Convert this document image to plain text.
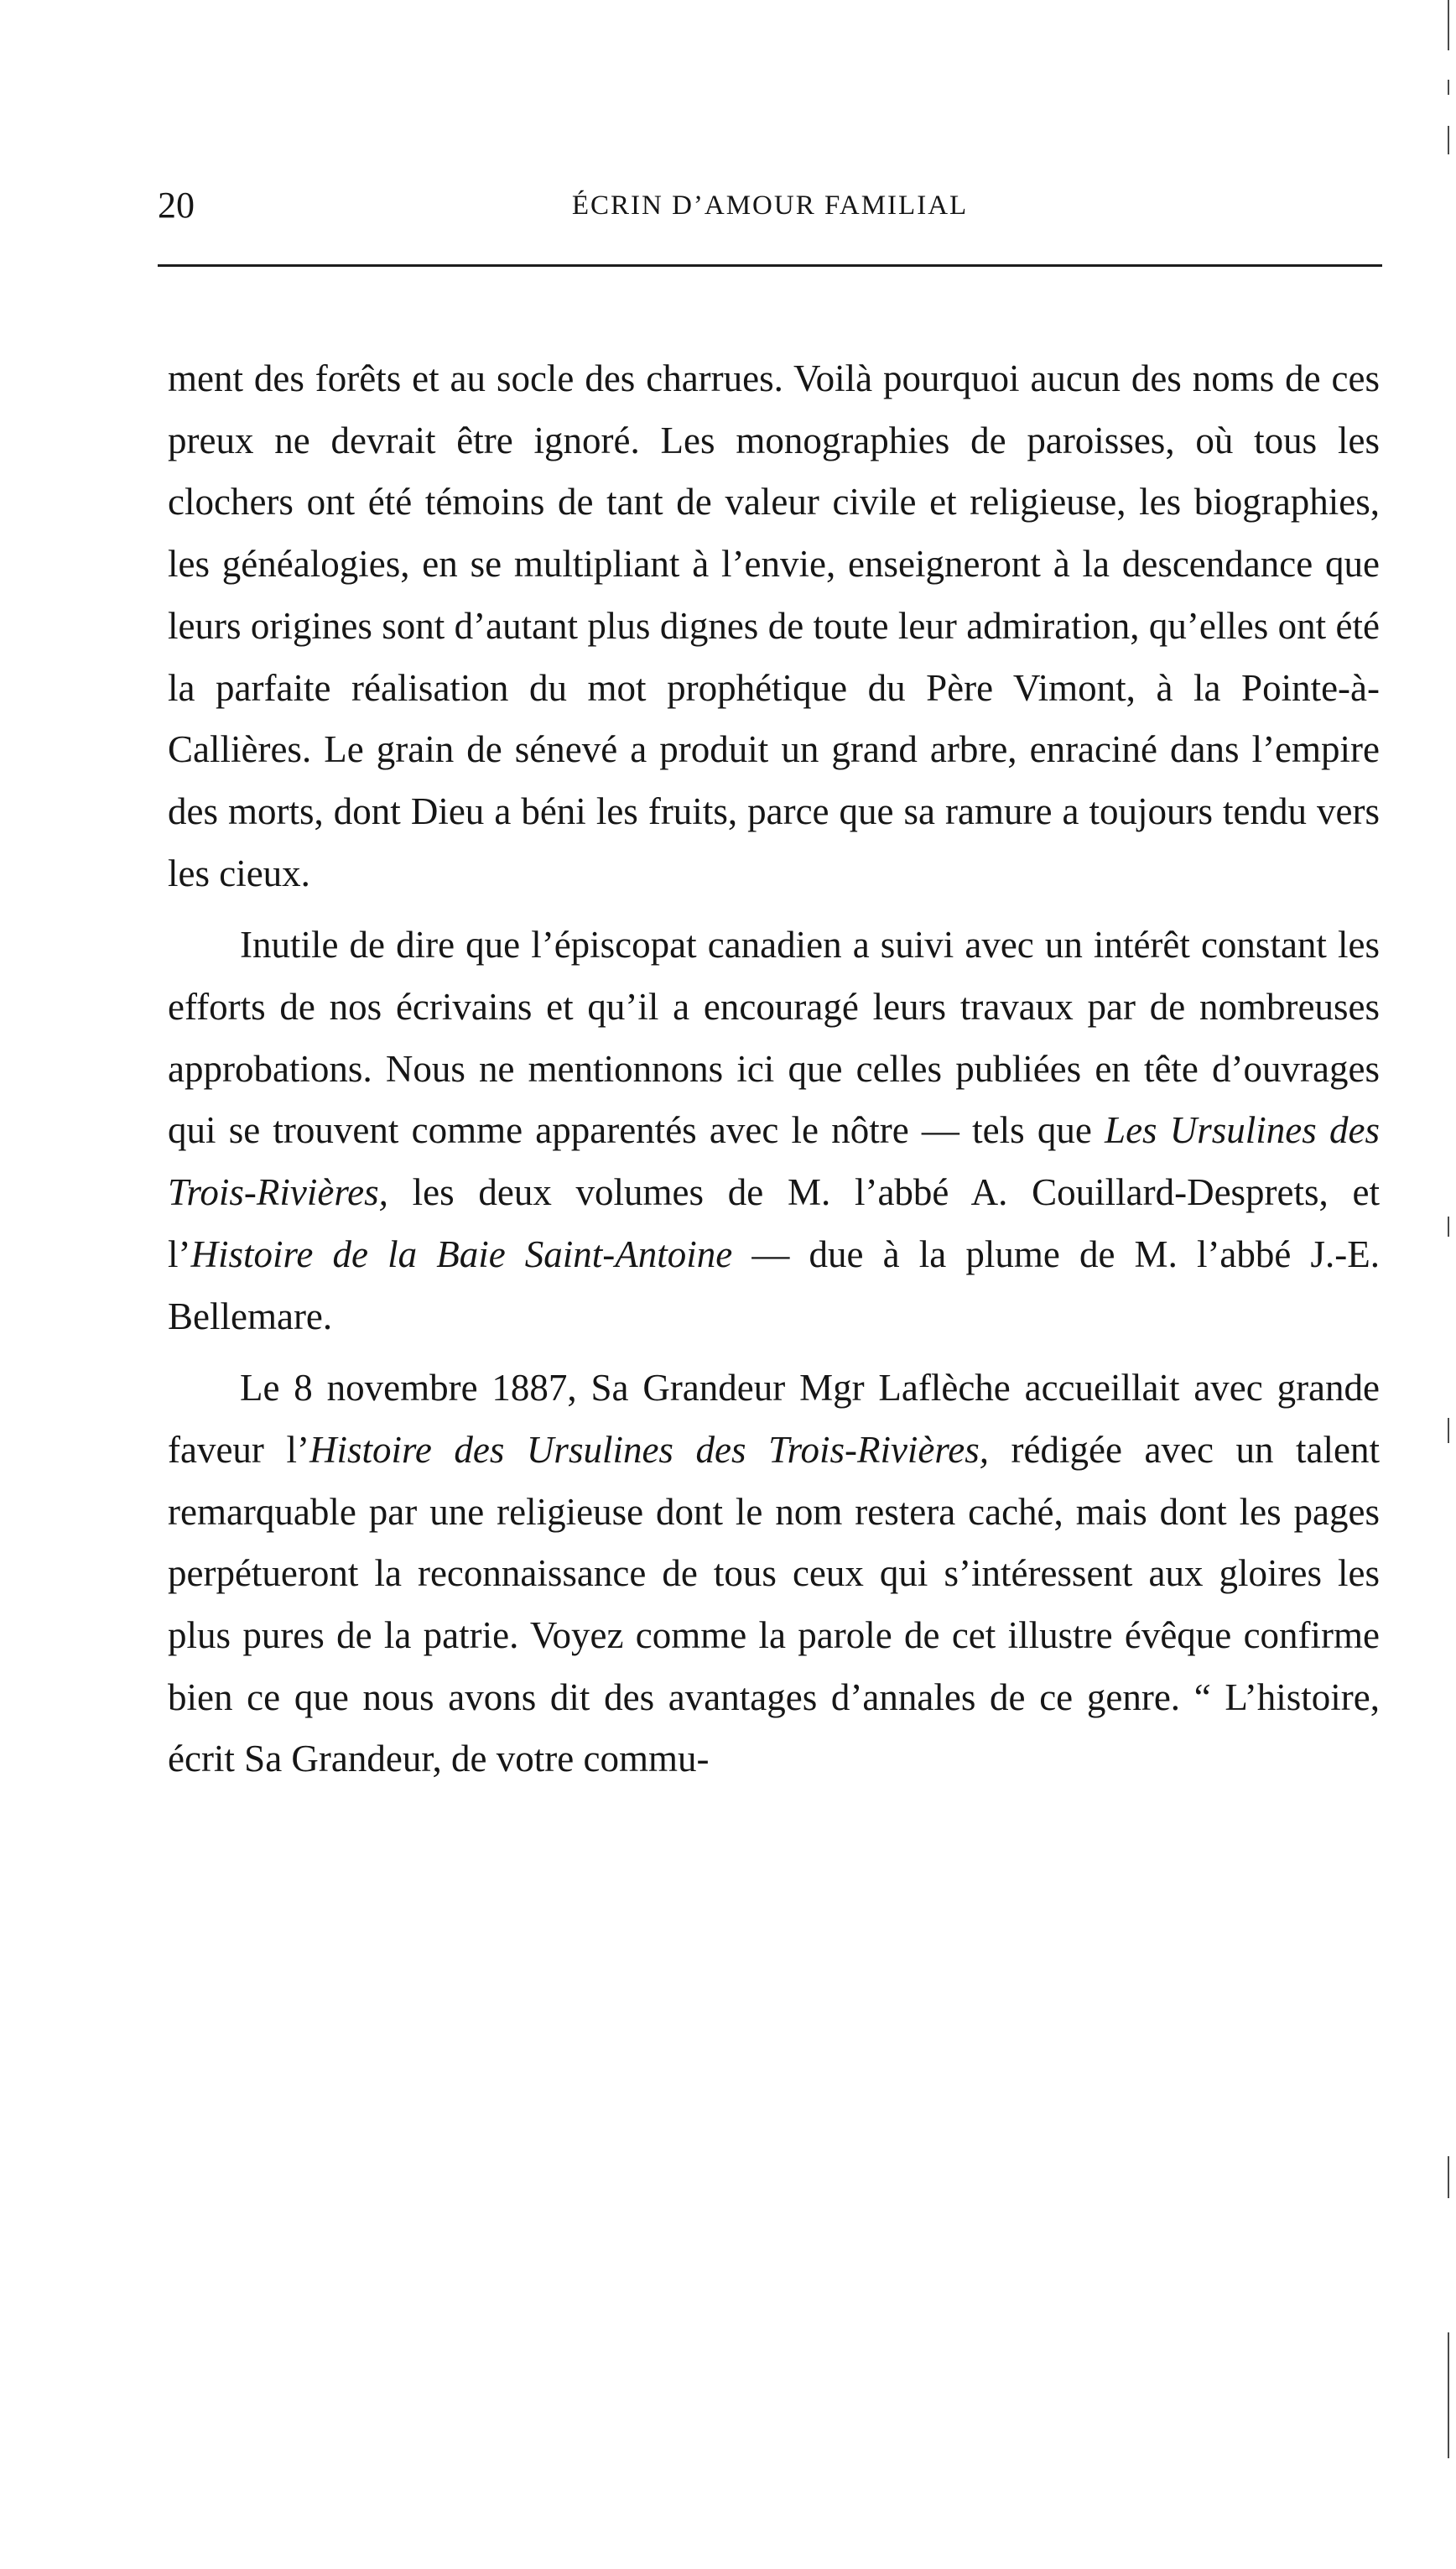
20	ÉCRIN D’AMOUR FAMILIAL

ment des forêts et au socle des charrues. Voilà pourquoi aucun des noms de ces preux ne devrait être ignoré. Les monographies de paroisses, où tous les clochers ont été témoins de tant de valeur civile et religieuse, les biographies, les généalogies, en se multipliant à l’envie, enseigneront à la descendance que leurs origines sont d’autant plus dignes de toute leur admiration, qu’elles ont été la parfaite réalisation du mot prophétique du Père Vimont, à la Pointe-à-Callières. Le grain de sénevé a produit un grand arbre, enraciné dans l’empire des morts, dont Dieu a béni les fruits, parce que sa ramure a toujours tendu vers les cieux.

Inutile de dire que l’épiscopat canadien a suivi avec un intérêt constant les efforts de nos écrivains et qu’il a encouragé leurs travaux par de nombreuses approbations. Nous ne mentionnons ici que celles publiées en tête d’ouvrages qui se trouvent comme apparentés avec le nôtre — tels que Les Ursulines des Trois-Rivières, les deux volumes de M. l’abbé A. Couillard-Desprets, et l’Histoire de la Baie Saint-Antoine — due à la plume de M. l’abbé J.-E. Bellemare.

Le 8 novembre 1887, Sa Grandeur Mgr Laflèche accueillait avec grande faveur l’Histoire des Ursulines des Trois-Rivières, rédigée avec un talent remarquable par une religieuse dont le nom restera caché, mais dont les pages perpétueront la reconnaissance de tous ceux qui s’intéressent aux gloires les plus pures de la patrie. Voyez comme la parole de cet illustre évêque confirme bien ce que nous avons dit des avantages d’annales de ce genre. “ L’histoire, écrit Sa Grandeur, de votre commu-
